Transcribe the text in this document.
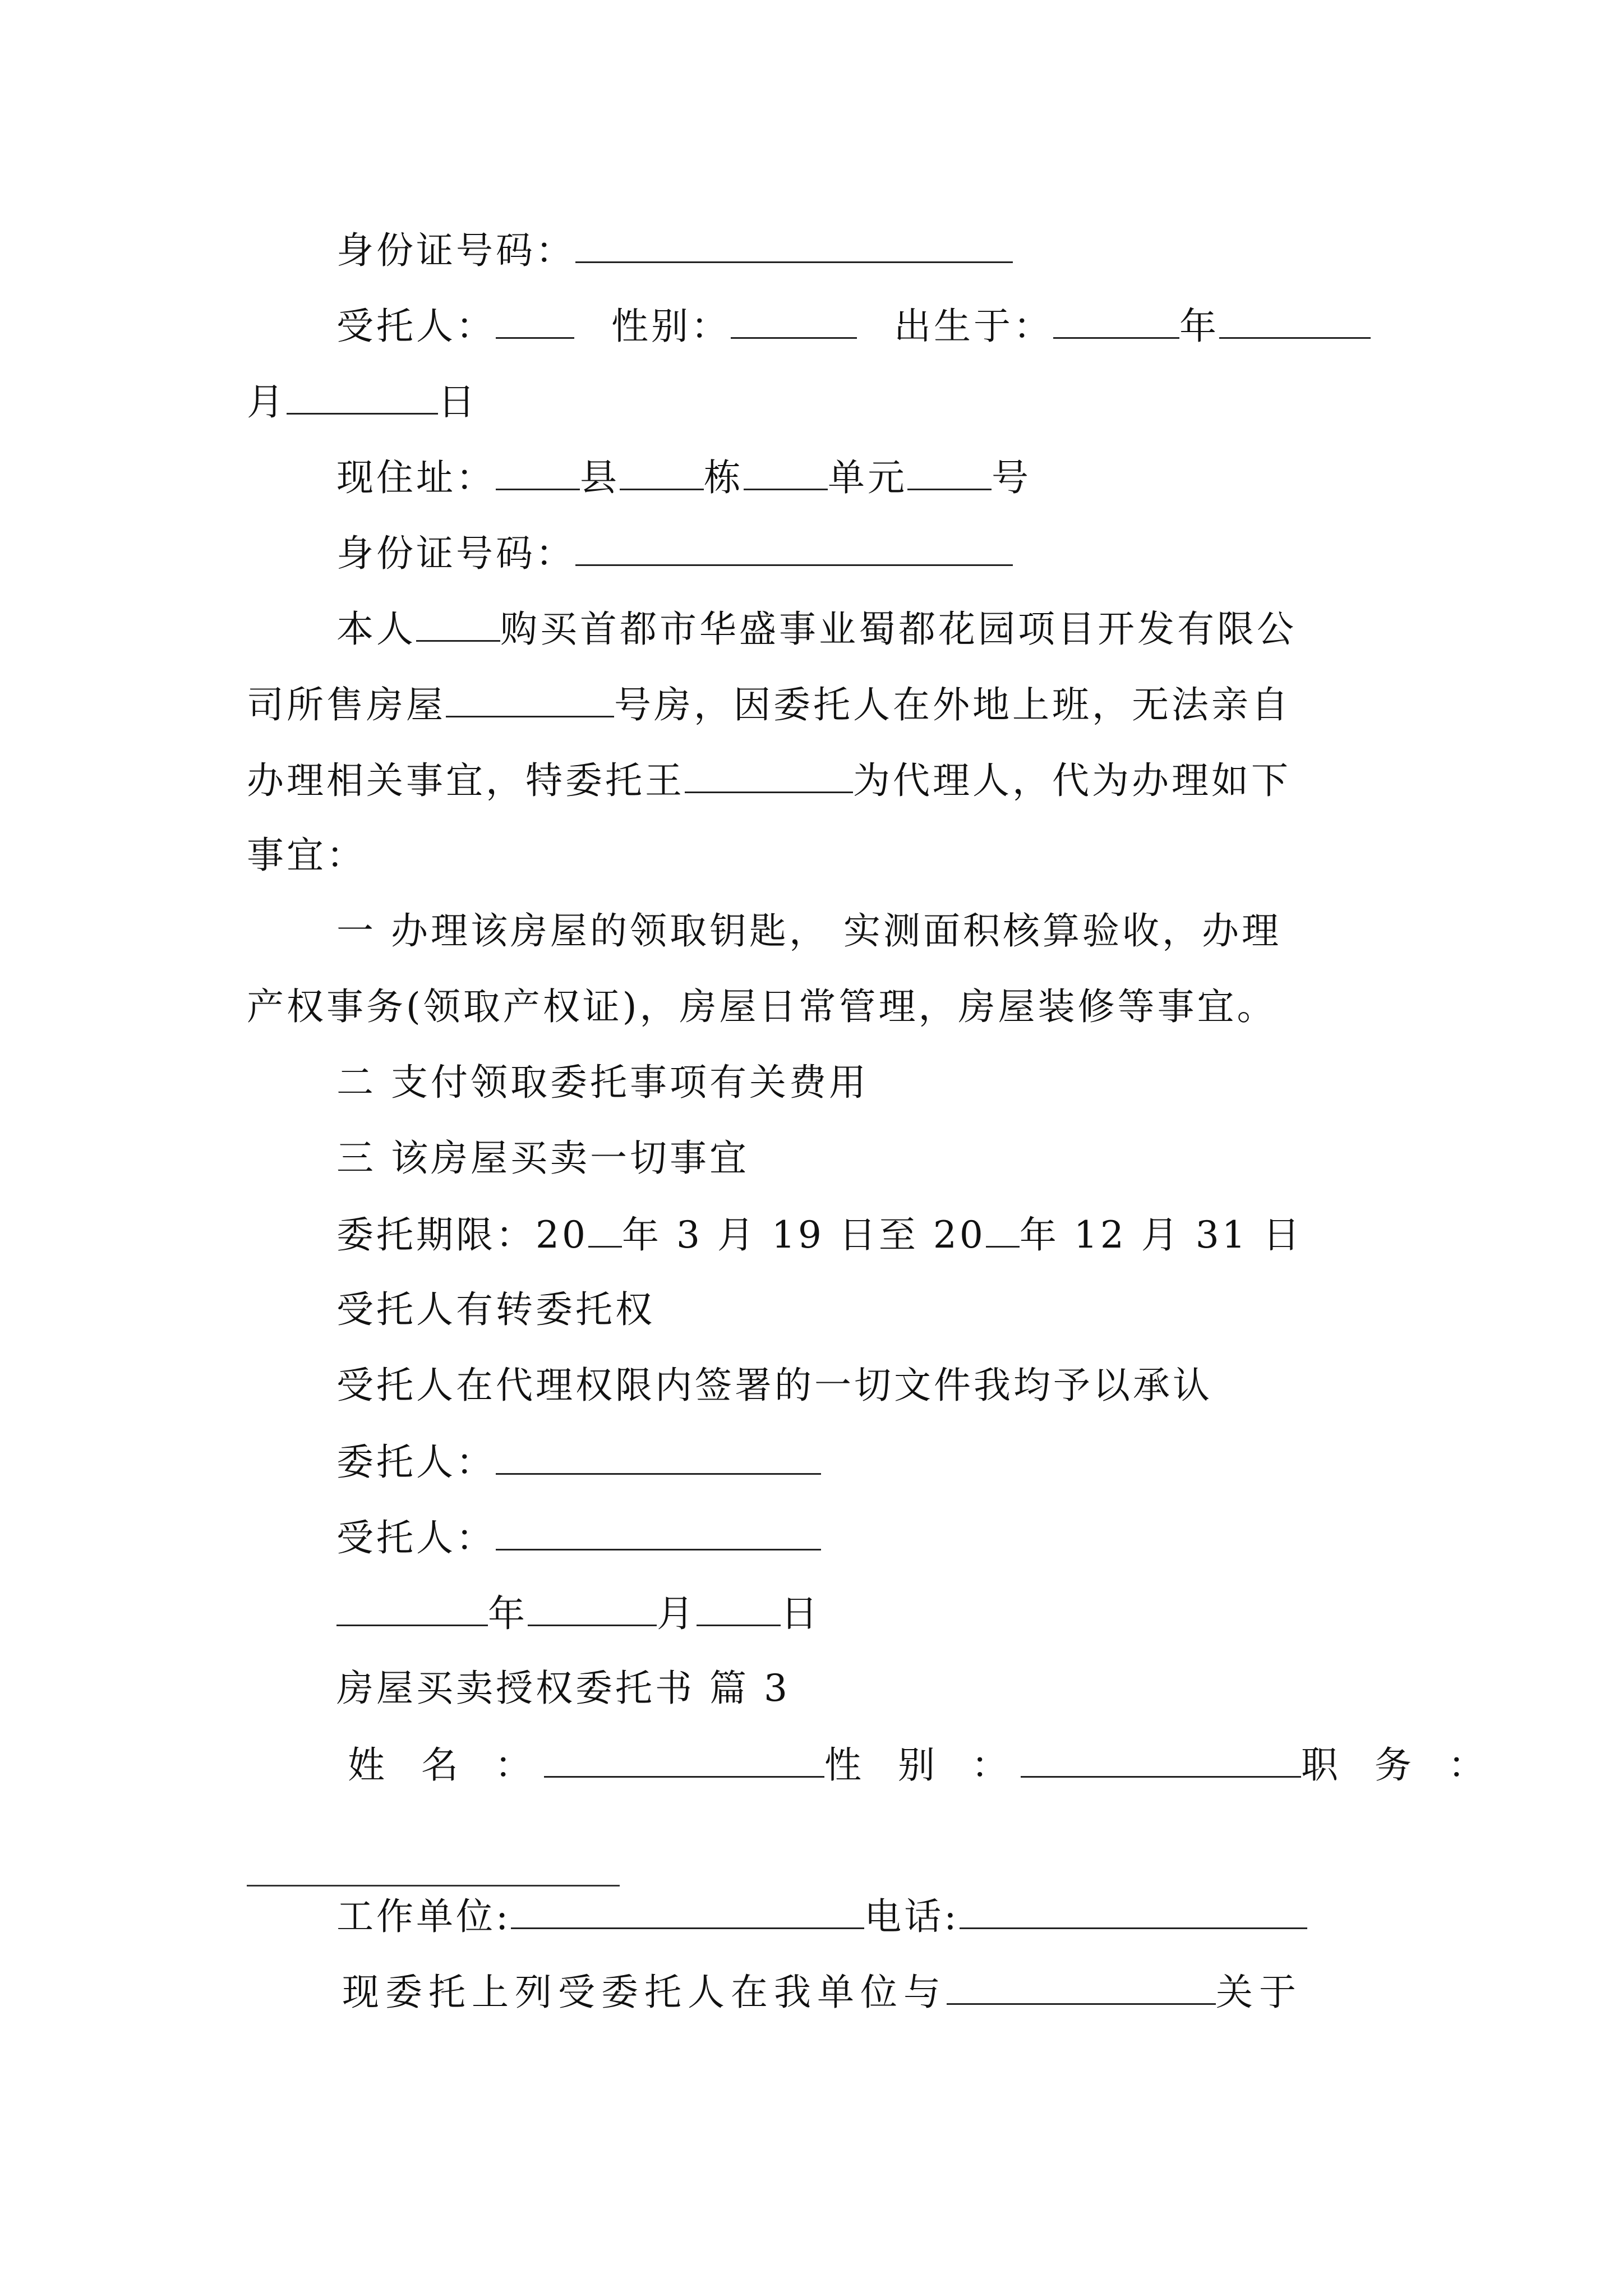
身份证号码：
受托人：	性别：	出生于：	年
月	日
现住址： 县 栋 单元 号
身份证号码：
本人 购买首都市华盛事业蜀都花园项目开发有限公
司所售房屋	号房，因委托人在外地上班，无法亲自
办理相关事宜，特委托王	为代理人，代为办理如下
事宜：
一 办理该房屋的领取钥匙， 实测面积核算验收，办理
产权事务(领取产权证)，房屋日常管理，房屋装修等事宜。
二 支付领取委托事项有关费用
三 该房屋买卖一切事宜
委托期限：20 年 3 月 19 日至 20 年 12 月 31 日
受托人有转委托权
受托人在代理权限内签署的一切文件我均予以承认
委托人：
受托人：
年	月 日
房屋买卖授权委托书 篇 3
姓 名 ：	性 别 ：	职 务 ：
工作单位:	电话:
现委托上列受委托人在我单位与	关于
